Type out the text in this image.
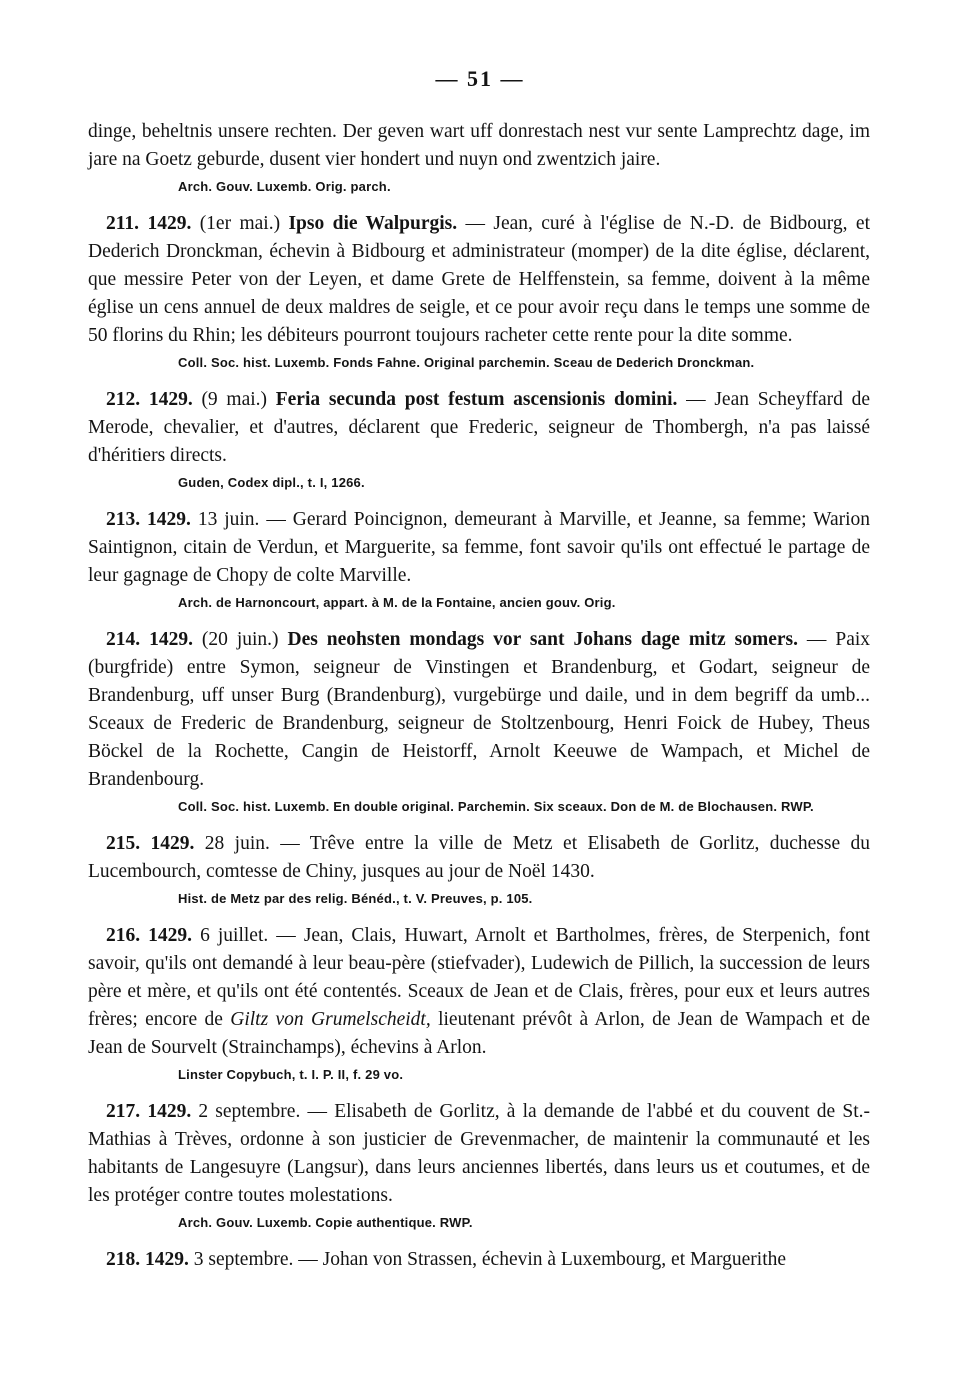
— 51 —

dinge, beheltnis unsere rechten. Der geven wart uff donrestach nest vur sente Lamprechtz dage, im jare na Goetz geburde, dusent vier hondert und nuyn ond zwentzich jaire.

Arch. Gouv. Luxemb. Orig. parch.

211. 1429. (1er mai.) Ipso die Walpurgis. — Jean, curé à l'église de N.-D. de Bidbourg, et Dederich Dronckman, échevin à Bidbourg et administrateur (momper) de la dite église, déclarent, que messire Peter von der Leyen, et dame Grete de Helffenstein, sa femme, doivent à la même église un cens annuel de deux maldres de seigle, et ce pour avoir reçu dans le temps une somme de 50 florins du Rhin; les débiteurs pourront toujours racheter cette rente pour la dite somme.

Coll. Soc. hist. Luxemb. Fonds Fahne. Original parchemin. Sceau de Dederich Dronckman.

212. 1429. (9 mai.) Feria secunda post festum ascensionis domini. — Jean Scheyffard de Merode, chevalier, et d'autres, déclarent que Frederic, seigneur de Thombergh, n'a pas laissé d'héritiers directs.

Guden, Codex dipl., t. I, 1266.

213. 1429. 13 juin. — Gerard Poincignon, demeurant à Marville, et Jeanne, sa femme; Warion Saintignon, citain de Verdun, et Marguerite, sa femme, font savoir qu'ils ont effectué le partage de leur gagnage de Chopy de colte Marville.

Arch. de Harnoncourt, appart. à M. de la Fontaine, ancien gouv. Orig.

214. 1429. (20 juin.) Des neohsten mondags vor sant Johans dage mitz somers. — Paix (burgfride) entre Symon, seigneur de Vinstingen et Brandenburg, et Godart, seigneur de Brandenburg, uff unser Burg (Brandenburg), vurgebürge und daile, und in dem begriff da umb... Sceaux de Frederic de Brandenburg, seigneur de Stoltzenbourg, Henri Foick de Hubey, Theus Böckel de la Rochette, Cangin de Heistorff, Arnolt Keeuwe de Wampach, et Michel de Brandenbourg.

Coll. Soc. hist. Luxemb. En double original. Parchemin. Six sceaux. Don de M. de Blochausen. RWP.

215. 1429. 28 juin. — Trêve entre la ville de Metz et Elisabeth de Gorlitz, duchesse du Lucembourch, comtesse de Chiny, jusques au jour de Noël 1430.

Hist. de Metz par des relig. Bénéd., t. V. Preuves, p. 105.

216. 1429. 6 juillet. — Jean, Clais, Huwart, Arnolt et Bartholmes, frères, de Sterpenich, font savoir, qu'ils ont demandé à leur beau-père (stiefvader), Ludewich de Pillich, la succession de leurs père et mère, et qu'ils ont été contentés. Sceaux de Jean et de Clais, frères, pour eux et leurs autres frères; encore de Giltz von Grumelscheidt, lieutenant prévôt à Arlon, de Jean de Wampach et de Jean de Sourvelt (Strainchamps), échevins à Arlon.

Linster Copybuch, t. I. P. II, f. 29 vo.

217. 1429. 2 septembre. — Elisabeth de Gorlitz, à la demande de l'abbé et du couvent de St.-Mathias à Trèves, ordonne à son justicier de Grevenmacher, de maintenir la communauté et les habitants de Langesuyre (Langsur), dans leurs anciennes libertés, dans leurs us et coutumes, et de les protéger contre toutes molestations.

Arch. Gouv. Luxemb. Copie authentique. RWP.

218. 1429. 3 septembre. — Johan von Strassen, échevin à Luxembourg, et Marguerithe
